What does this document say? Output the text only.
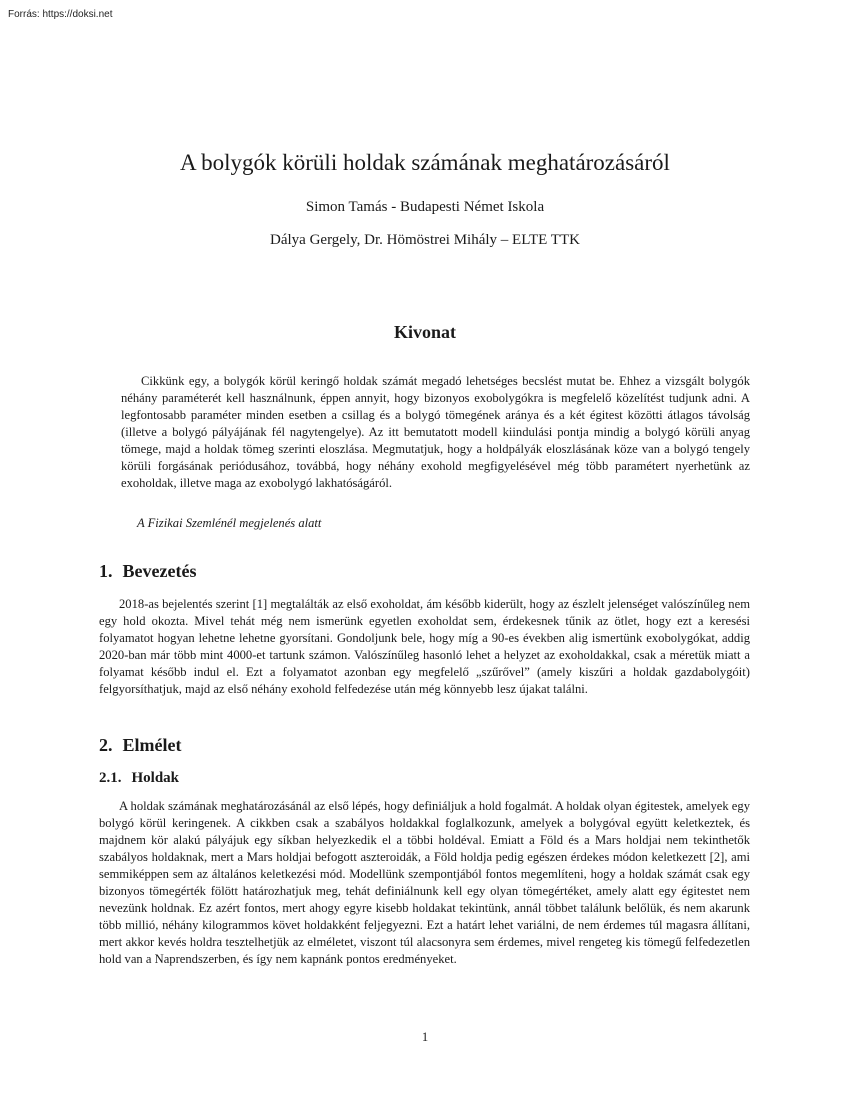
Forrás: https://doksi.net
A bolygók körüli holdak számának meghatározásáról

Simon Tamás - Budapesti Német Iskola

Dálya Gergely, Dr. Hömöstrei Mihály – ELTE TTK

Kivonat

Cikkünk egy, a bolygók körül keringő holdak számát megadó lehetséges becslést mutat be. Ehhez a vizsgált bolygók néhány paraméterét kell használnunk, éppen annyit, hogy bizonyos exobolygókra is megfelelő közelítést tudjunk adni. A legfontosabb paraméter minden esetben a csillag és a bolygó tömegének aránya és a két égitest közötti átlagos távolság (illetve a bolygó pályájának fél nagytengelye). Az itt bemutatott modell kiindulási pontja mindig a bolygó körüli anyag tömege, majd a holdak tömeg szerinti eloszlása. Megmutatjuk, hogy a holdpályák eloszlásának köze van a bolygó tengely körüli forgásának periódusához, továbbá, hogy néhány exohold megfigyelésével még több paramétert nyerhetünk az exoholdak, illetve maga az exobolygó lakhatóságáról.

A Fizikai Szemlénél megjelenés alatt

1. Bevezetés

2018-as bejelentés szerint [1] megtalálták az első exoholdat, ám később kiderült, hogy az észlelt jelenséget valószínűleg nem egy hold okozta. Mivel tehát még nem ismerünk egyetlen exoholdat sem, érdekesnek tűnik az ötlet, hogy ezt a keresési folyamatot hogyan lehetne lehetne gyorsítani. Gondoljunk bele, hogy míg a 90-es években alig ismertünk exobolygókat, addig 2020-ban már több mint 4000-et tartunk számon. Valószínűleg hasonló lehet a helyzet az exoholdakkal, csak a méretük miatt a folyamat később indul el. Ezt a folyamatot azonban egy megfelelő „szűrővel” (amely kiszűri a holdak gazdabolygóit) felgyorsíthatjuk, majd az első néhány exohold felfedezése után még könnyebb lesz újakat találni.

2. Elmélet
2.1. Holdak

A holdak számának meghatározásánál az első lépés, hogy definiáljuk a hold fogalmát. A holdak olyan égitestek, amelyek egy bolygó körül keringenek. A cikkben csak a szabályos holdakkal foglalkozunk, amelyek a bolygóval együtt keletkeztek, és majdnem kör alakú pályájuk egy síkban helyezkedik el a többi holdéval. Emiatt a Föld és a Mars holdjai nem tekinthetők szabályos holdaknak, mert a Mars holdjai befogott aszteroidák, a Föld holdja pedig egészen érdekes módon keletkezett [2], ami semmiképpen sem az általános keletkezési mód. Modellünk szempontjából fontos megemlíteni, hogy a holdak számát csak egy bizonyos tömegérték fölött határozhatjuk meg, tehát definiálnunk kell egy olyan tömegértéket, amely alatt egy égitestet nem nevezünk holdnak. Ez azért fontos, mert ahogy egyre kisebb holdakat tekintünk, annál többet találunk belőlük, és nem akarunk több millió, néhány kilogrammos követ holdakként feljegyezni. Ezt a határt lehet variálni, de nem érdemes túl magasra állítani, mert akkor kevés holdra tesztelhetjük az elméletet, viszont túl alacsonyra sem érdemes, mivel rengeteg kis tömegű felfedezetlen hold van a Naprendszerben, és így nem kapnánk pontos eredményeket.

1
